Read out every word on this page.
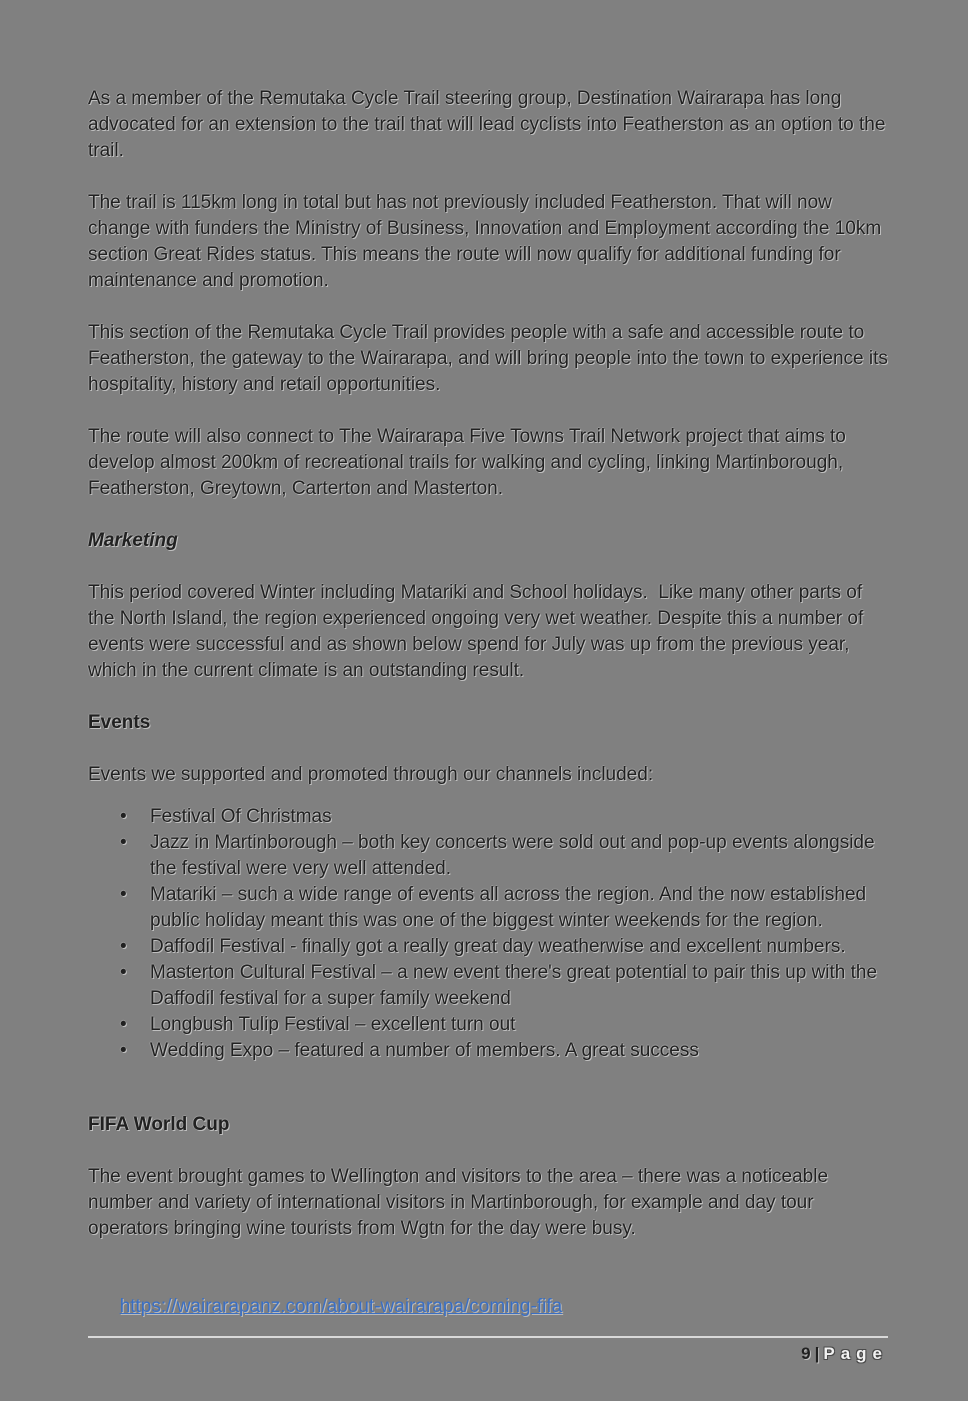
As a member of the Remutaka Cycle Trail steering group, Destination Wairarapa has long advocated for an extension to the trail that will lead cyclists into Featherston as an option to the trail.

The trail is 115km long in total but has not previously included Featherston. That will now change with funders the Ministry of Business, Innovation and Employment according the 10km section Great Rides status. This means the route will now qualify for additional funding for maintenance and promotion.

This section of the Remutaka Cycle Trail provides people with a safe and accessible route to Featherston, the gateway to the Wairarapa, and will bring people into the town to experience its hospitality, history and retail opportunities.

The route will also connect to The Wairarapa Five Towns Trail Network project that aims to develop almost 200km of recreational trails for walking and cycling, linking Martinborough, Featherston, Greytown, Carterton and Masterton.

Marketing

This period covered Winter including Matariki and School holidays.  Like many other parts of the North Island, the region experienced ongoing very wet weather. Despite this a number of events were successful and as shown below spend for July was up from the previous year, which in the current climate is an outstanding result.

Events

Events we supported and promoted through our channels included:

• Festival Of Christmas
• Jazz in Martinborough – both key concerts were sold out and pop-up events alongside the festival were very well attended.
• Matariki – such a wide range of events all across the region. And the now established public holiday meant this was one of the biggest winter weekends for the region.
• Daffodil Festival - finally got a really great day weatherwise and excellent numbers.
• Masterton Cultural Festival – a new event there's great potential to pair this up with the Daffodil festival for a super family weekend
• Longbush Tulip Festival – excellent turn out
• Wedding Expo – featured a number of members. A great success
FIFA World Cup

The event brought games to Wellington and visitors to the area – there was a noticeable number and variety of international visitors in Martinborough, for example and day tour operators bringing wine tourists from Wgtn for the day were busy.

https://wairarapanz.com/about-wairarapa/coming-fifa

9 | Page
